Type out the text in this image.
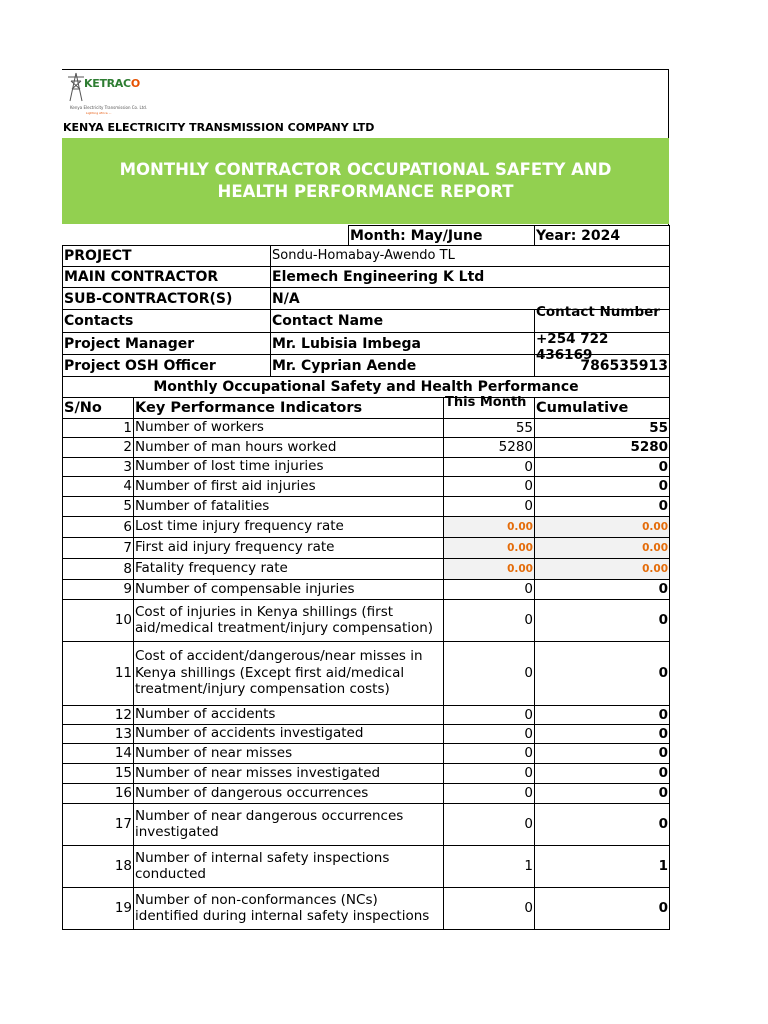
KETRACO
Kenya Electricity Transmission Co. Ltd.
Lighting Africa ...
KENYA ELECTRICITY TRANSMISSION COMPANY LTD
MONTHLY CONTRACTOR OCCUPATIONAL SAFETY AND HEALTH PERFORMANCE REPORT
		Month: May/June	Year: 2024
PROJECT	Sondu-Homabay-Awendo TL		
MAIN CONTRACTOR	Elemech Engineering K Ltd		
SUB-CONTRACTOR(S)	N/A		
Contacts	Contact Name		Contact Number

Project Manager	Mr. Lubisia Imbega		+254 722 436169

Project OSH Officer	Mr. Cyprian Aende		786535913
Monthly Occupational Safety and Health Performance			
S/No	Key Performance Indicators	This Month	Cumulative
1	Number of workers	55	55
2	Number of man hours worked	5280	5280
3	Number of lost time injuries	0	0
4	Number of first aid injuries	0	0
5	Number of fatalities	0	0
6	Lost time injury frequency rate	0.00	0.00
7	First aid injury frequency rate	0.00	0.00
8	Fatality frequency rate	0.00	0.00
9	Number of compensable injuries	0	0
10	Cost of injuries in Kenya shillings (first aid/medical treatment/injury compensation)	0	0
11	Cost of accident/dangerous/near misses in Kenya shillings (Except first aid/medical treatment/injury compensation costs)	0	0
12	Number of accidents	0	0
13	Number of accidents investigated	0	0
14	Number of near misses	0	0
15	Number of near misses investigated	0	0
16	Number of dangerous occurrences	0	0
17	Number of near dangerous occurrences investigated	0	0
18	Number of internal safety inspections conducted	1	1
19	Number of non-conformances (NCs) identified during internal safety inspections	0	0
